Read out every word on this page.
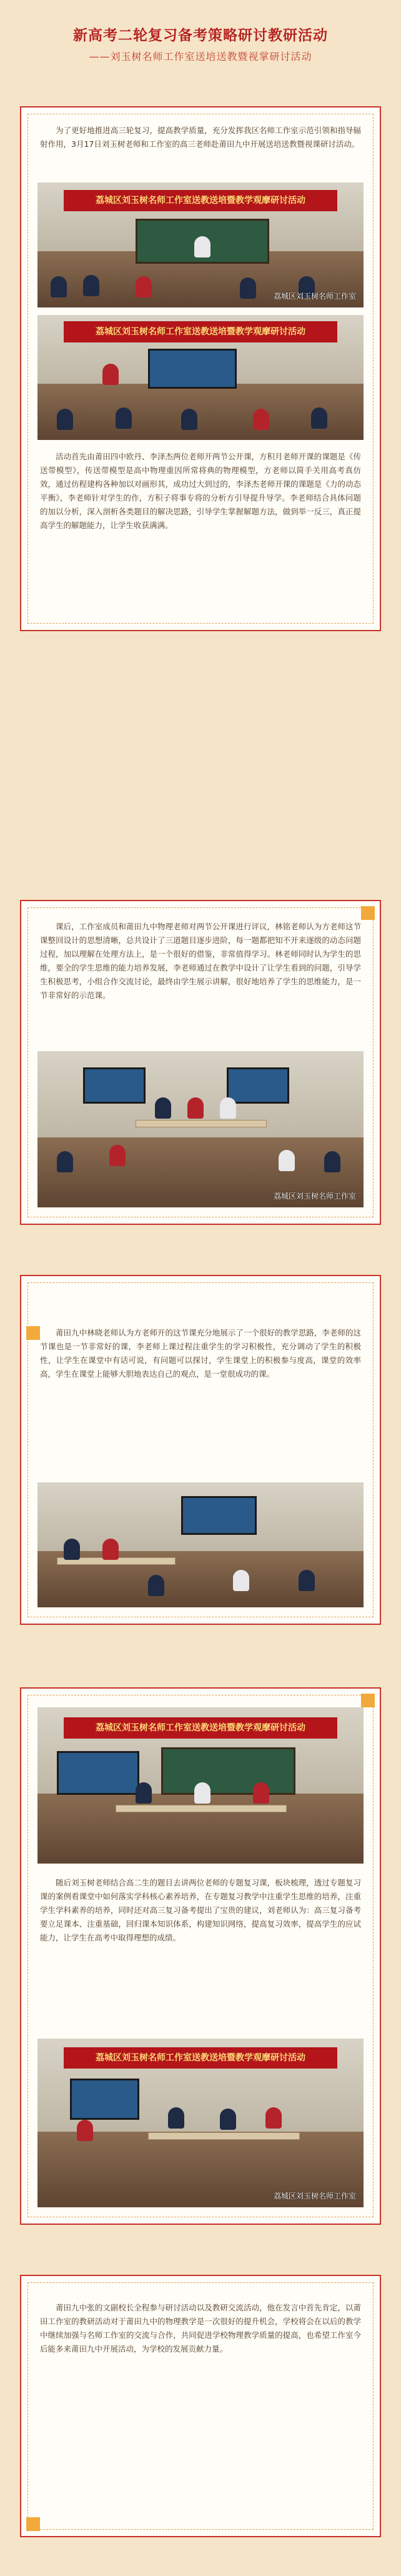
新高考二轮复习备考策略研讨教研活动
——刘玉树名师工作室送培送教暨视掌研讨活动

为了更好地推进高三轮复习，提高教学质量，充分发挥我区名师工作室示范引领和指导辐射作用，3月17日刘玉树老师和工作室的高三老师赴莆田九中开展送培送教暨视课研讨活动。

荔城区刘玉树名师工作室送教送培暨教学观摩研讨活动
荔城区刘玉树名师工作室
荔城区刘玉树名师工作室送教送培暨教学观摩研讨活动

活动首先由莆田四中欧丹、李泽杰两位老师开两节公开课，方积月老师开课的课题是《传送带模型》，传送带模型是高中物理重因所常将典的物理模型，方老师以简手关用高考真仿效，通过仿程建构各种加以对画形其，成功过大到过的，李泽杰老师开课的课题是《力的动态平衡》，李老师针对学生的作，方积子将事专将的分析方引导提升导学。李老师结合具体问题的加以分析，深入剖析各类题目的解决思路，引导学生掌握解题方法，做到举一反三，真正提高学生的解题能力，让学生收获满满。

课后，工作室成员和莆田九中物理老师对两节公开课进行评议，林铭老师认为方老师这节课整回设计的思想清晰，总共设计了三道题目逐步进阶，每一题都把知不开来逐级的动态问题过程，加以理解在处理方法上，是一个很好的借鉴，非常值得学习。林老师同时认为学生的思维，要全的学生思维的能力培养发展，李老师通过在教学中设计了让学生看到的问题，引导学生积极思考，小组合作交流讨论，最终由学生展示讲解，很好地培养了学生的思维能力，是一节非常好的示范课。

荔城区刘玉树名师工作室

莆田九中林晓老师认为方老师开的这节课充分地展示了一个很好的教学思路，李老师的这节课也是一节非常好的课，李老师上课过程注重学生的学习积极性，充分调动了学生的积极性，让学生在课堂中有话可说，有问题可以探讨，学生课堂上的积极参与度高，课堂的效率高，学生在课堂上能够大胆地表达自己的观点，是一堂很成功的课。

荔城区刘玉树名师工作室送教送培暨教学观摩研讨活动

随后刘玉树老师结合高二生的题目去讲两位老师的专题复习课，板块梳理，透过专题复习课的案例看课堂中如何落实学科核心素养培养，在专题复习教学中注重学生思维的培养，注重学生学科素养的培养，同时还对高三复习备考提出了宝贵的建议，刘老师认为：高三复习备考要立足课本、注重基础，回归课本知识体系，构建知识网络，提高复习效率，提高学生的应试能力，让学生在高考中取得理想的成绩。

荔城区刘玉树名师工作室送教送培暨教学观摩研讨活动
荔城区刘玉树名师工作室

莆田九中张的文副校长全程参与研讨活动以及教研交流活动，他在发言中首先肯定，以莆田工作室的教研活动对于莆田九中的物理教学是一次很好的提升机会，学校将会在以后的教学中继续加强与名师工作室的交流与合作，共同促进学校物理教学质量的提高，也希望工作室今后能多来莆田九中开展活动，为学校的发展贡献力量。
